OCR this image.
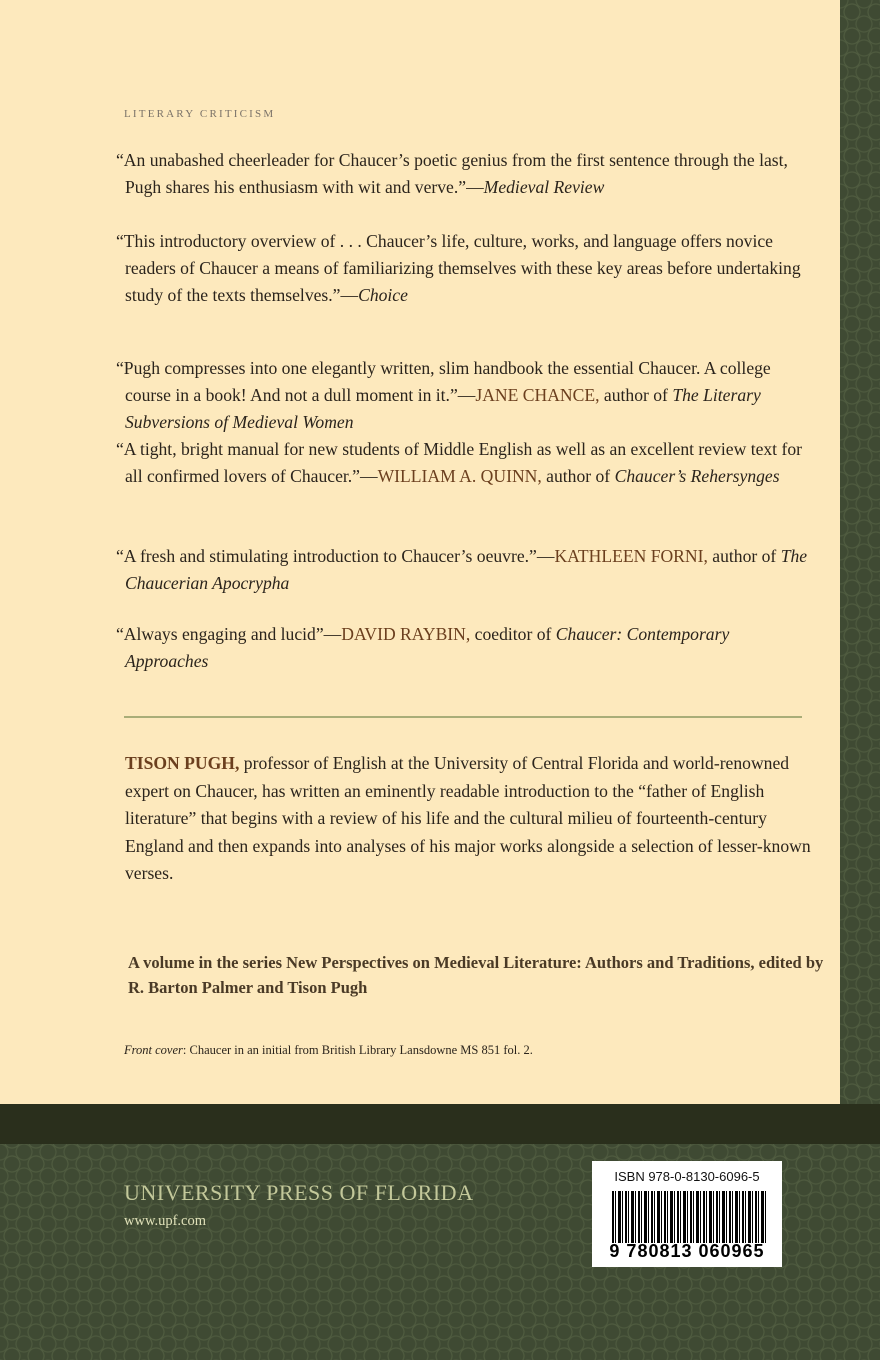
LITERARY CRITICISM
“An unabashed cheerleader for Chaucer’s poetic genius from the first sentence through the last, Pugh shares his enthusiasm with wit and verve.”—Medieval Review
“This introductory overview of . . . Chaucer’s life, culture, works, and language offers novice readers of Chaucer a means of familiarizing themselves with these key areas before undertaking study of the texts themselves.”—Choice
“Pugh compresses into one elegantly written, slim handbook the essential Chaucer. A college course in a book! And not a dull moment in it.”—JANE CHANCE, author of The Literary Subversions of Medieval Women
“A tight, bright manual for new students of Middle English as well as an excellent review text for all confirmed lovers of Chaucer.”—WILLIAM A. QUINN, author of Chaucer’s Rehersynges
“A fresh and stimulating introduction to Chaucer’s oeuvre.”—KATHLEEN FORNI, author of The Chaucerian Apocrypha
“Always engaging and lucid”—DAVID RAYBIN, coeditor of Chaucer: Contemporary Approaches
TISON PUGH, professor of English at the University of Central Florida and world-renowned expert on Chaucer, has written an eminently readable introduction to the “father of English literature” that begins with a review of his life and the cultural milieu of fourteenth-century England and then expands into analyses of his major works alongside a selection of lesser-known verses.
A volume in the series New Perspectives on Medieval Literature: Authors and Traditions, edited by R. Barton Palmer and Tison Pugh
Front cover: Chaucer in an initial from British Library Lansdowne MS 851 fol. 2.
UNIVERSITY PRESS OF FLORIDA
www.upf.com
ISBN 978-0-8130-6096-5
9 780813 060965
